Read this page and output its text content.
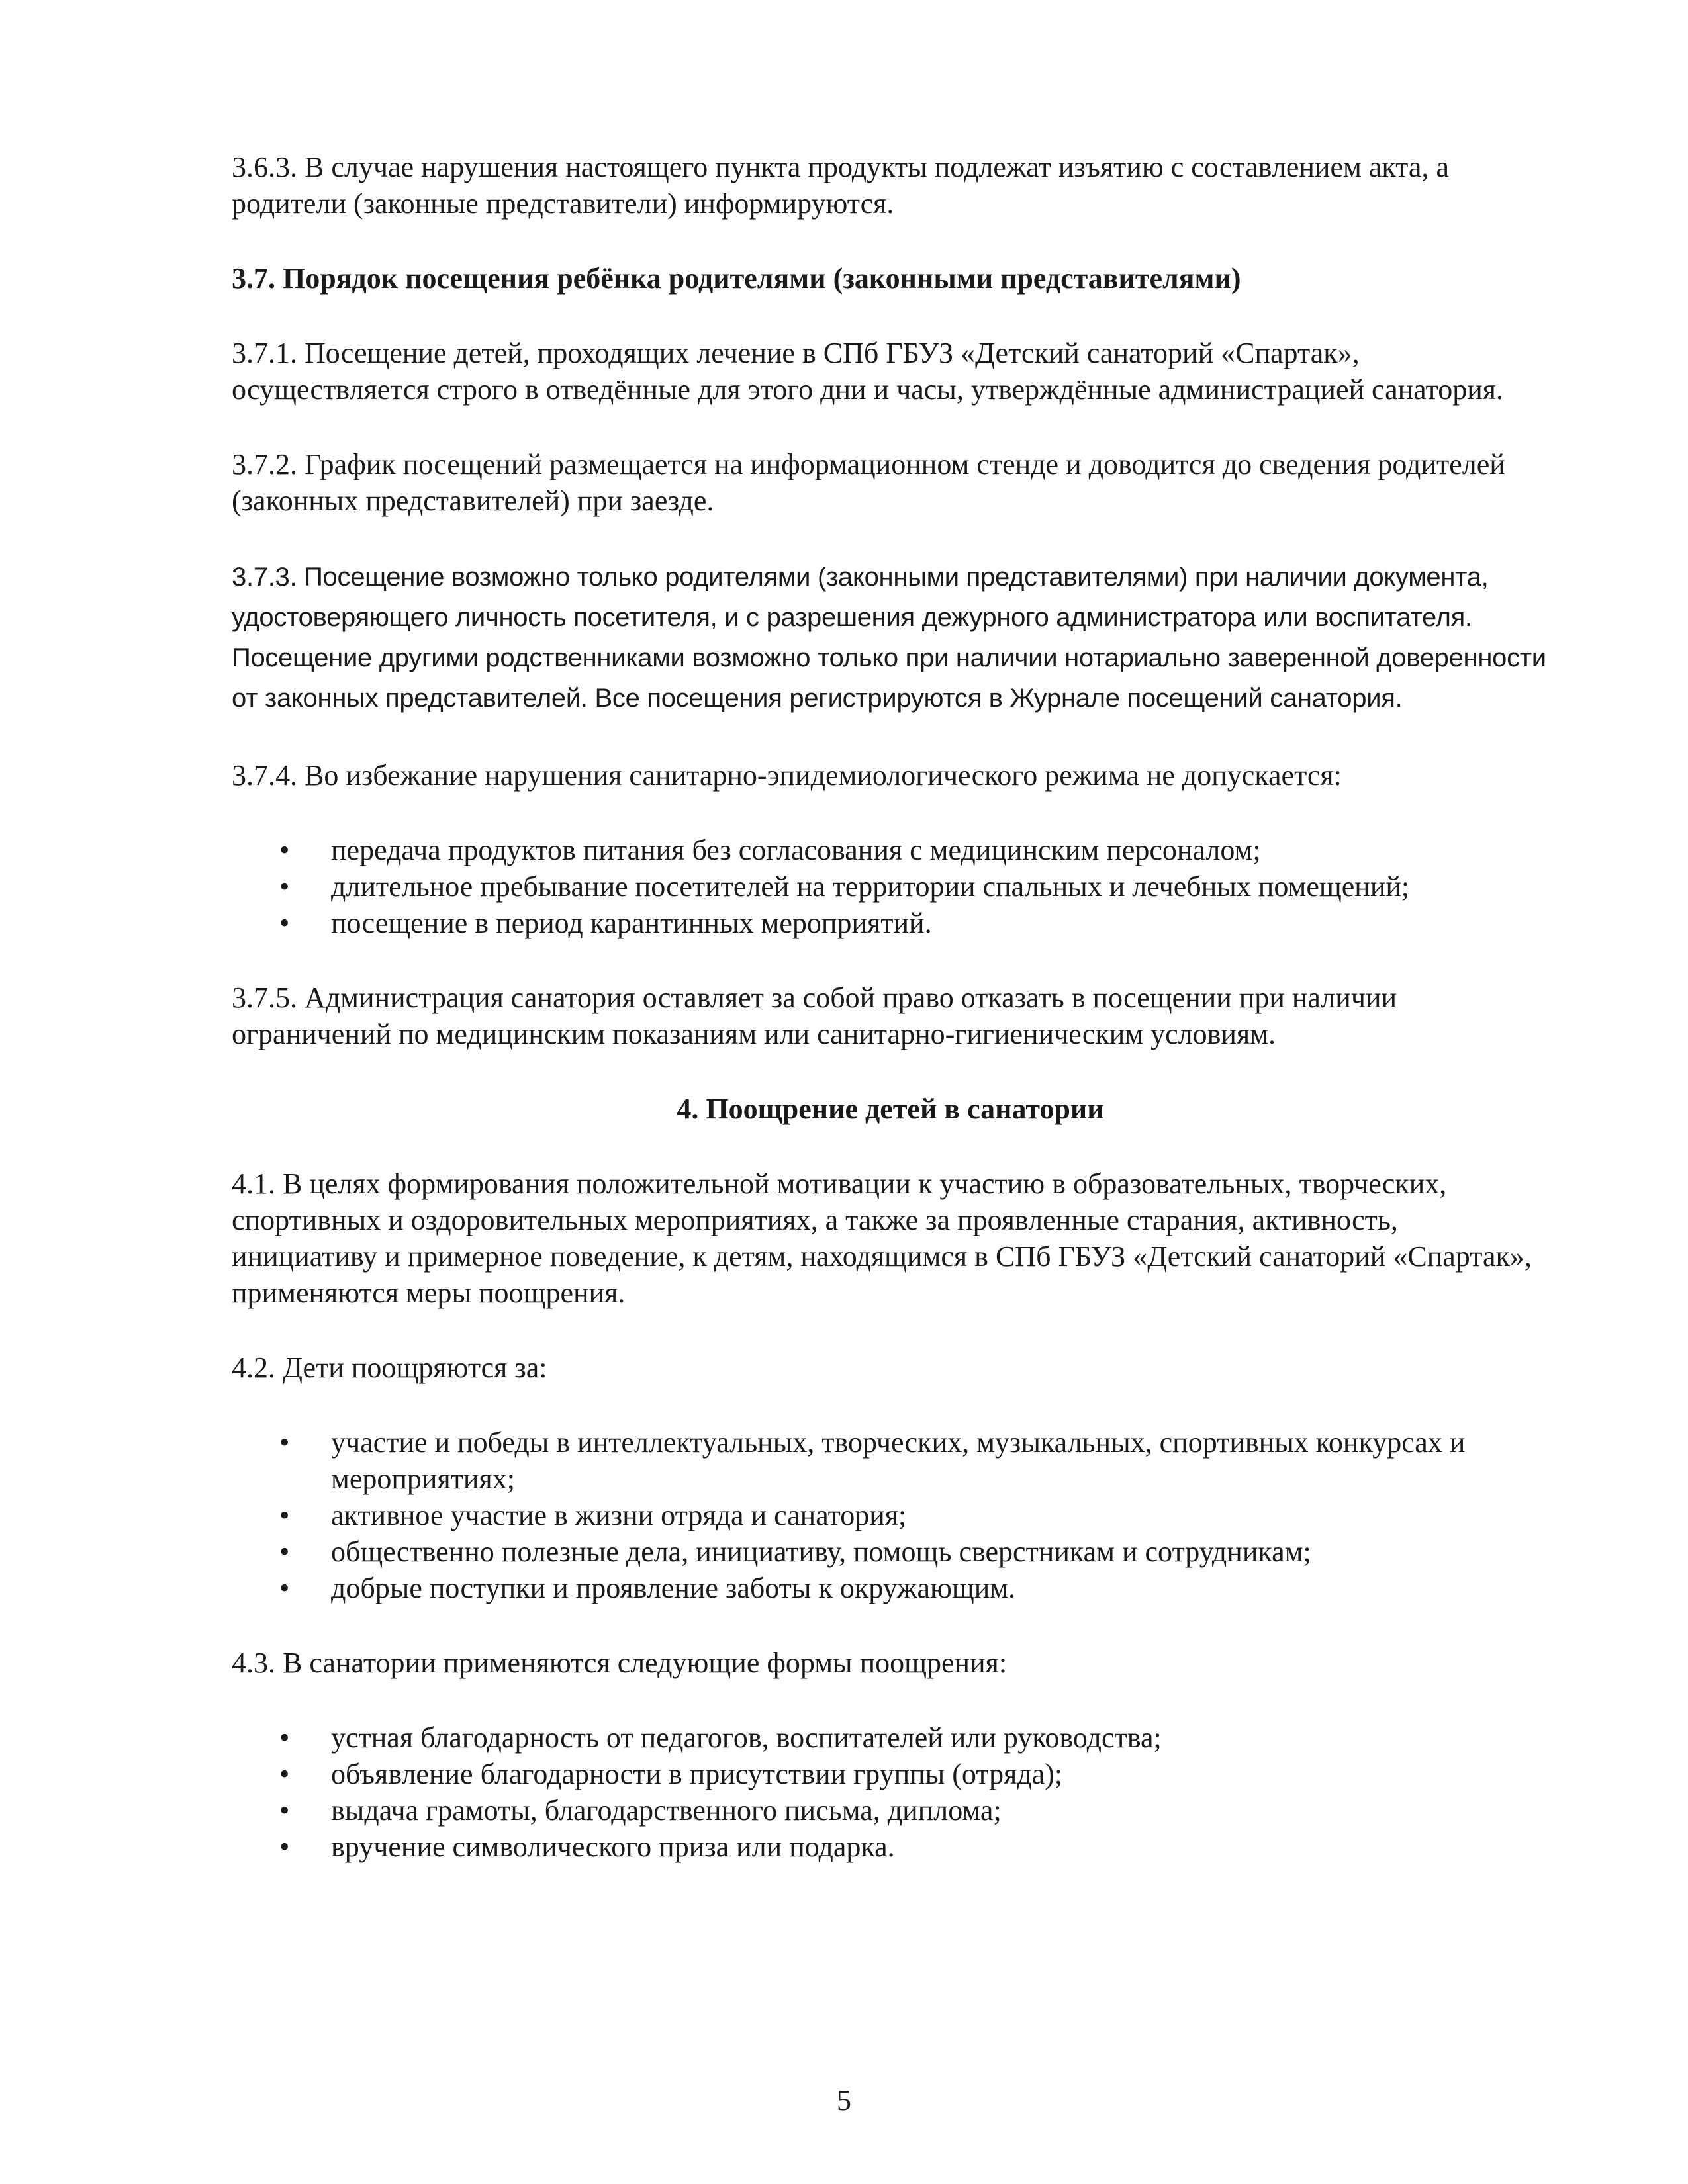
3.6.3. В случае нарушения настоящего пункта продукты подлежат изъятию с составлением акта, а родители (законные представители) информируются.

3.7. Порядок посещения ребёнка родителями (законными представителями)

3.7.1. Посещение детей, проходящих лечение в СПб ГБУЗ «Детский санаторий «Спартак», осуществляется строго в отведённые для этого дни и часы, утверждённые администрацией санатория.

3.7.2. График посещений размещается на информационном стенде и доводится до сведения родителей (законных представителей) при заезде.

3.7.3. Посещение возможно только родителями (законными представителями) при наличии документа, удостоверяющего личность посетителя, и с разрешения дежурного администратора или воспитателя. Посещение другими родственниками возможно только при наличии нотариально заверенной доверенности от законных представителей. Все посещения регистрируются в Журнале посещений санатория.

3.7.4. Во избежание нарушения санитарно-эпидемиологического режима не допускается:

• передача продуктов питания без согласования с медицинским персоналом;
• длительное пребывание посетителей на территории спальных и лечебных помещений;
• посещение в период карантинных мероприятий.

3.7.5. Администрация санатория оставляет за собой право отказать в посещении при наличии ограничений по медицинским показаниям или санитарно-гигиеническим условиям.

4. Поощрение детей в санатории

4.1. В целях формирования положительной мотивации к участию в образовательных, творческих, спортивных и оздоровительных мероприятиях, а также за проявленные старания, активность, инициативу и примерное поведение, к детям, находящимся в СПб ГБУЗ «Детский санаторий «Спартак», применяются меры поощрения.

4.2. Дети поощряются за:

• участие и победы в интеллектуальных, творческих, музыкальных, спортивных конкурсах и мероприятиях;
• активное участие в жизни отряда и санатория;
• общественно полезные дела, инициативу, помощь сверстникам и сотрудникам;
• добрые поступки и проявление заботы к окружающим.

4.3. В санатории применяются следующие формы поощрения:

• устная благодарность от педагогов, воспитателей или руководства;
• объявление благодарности в присутствии группы (отряда);
• выдача грамоты, благодарственного письма, диплома;
• вручение символического приза или подарка.
5
